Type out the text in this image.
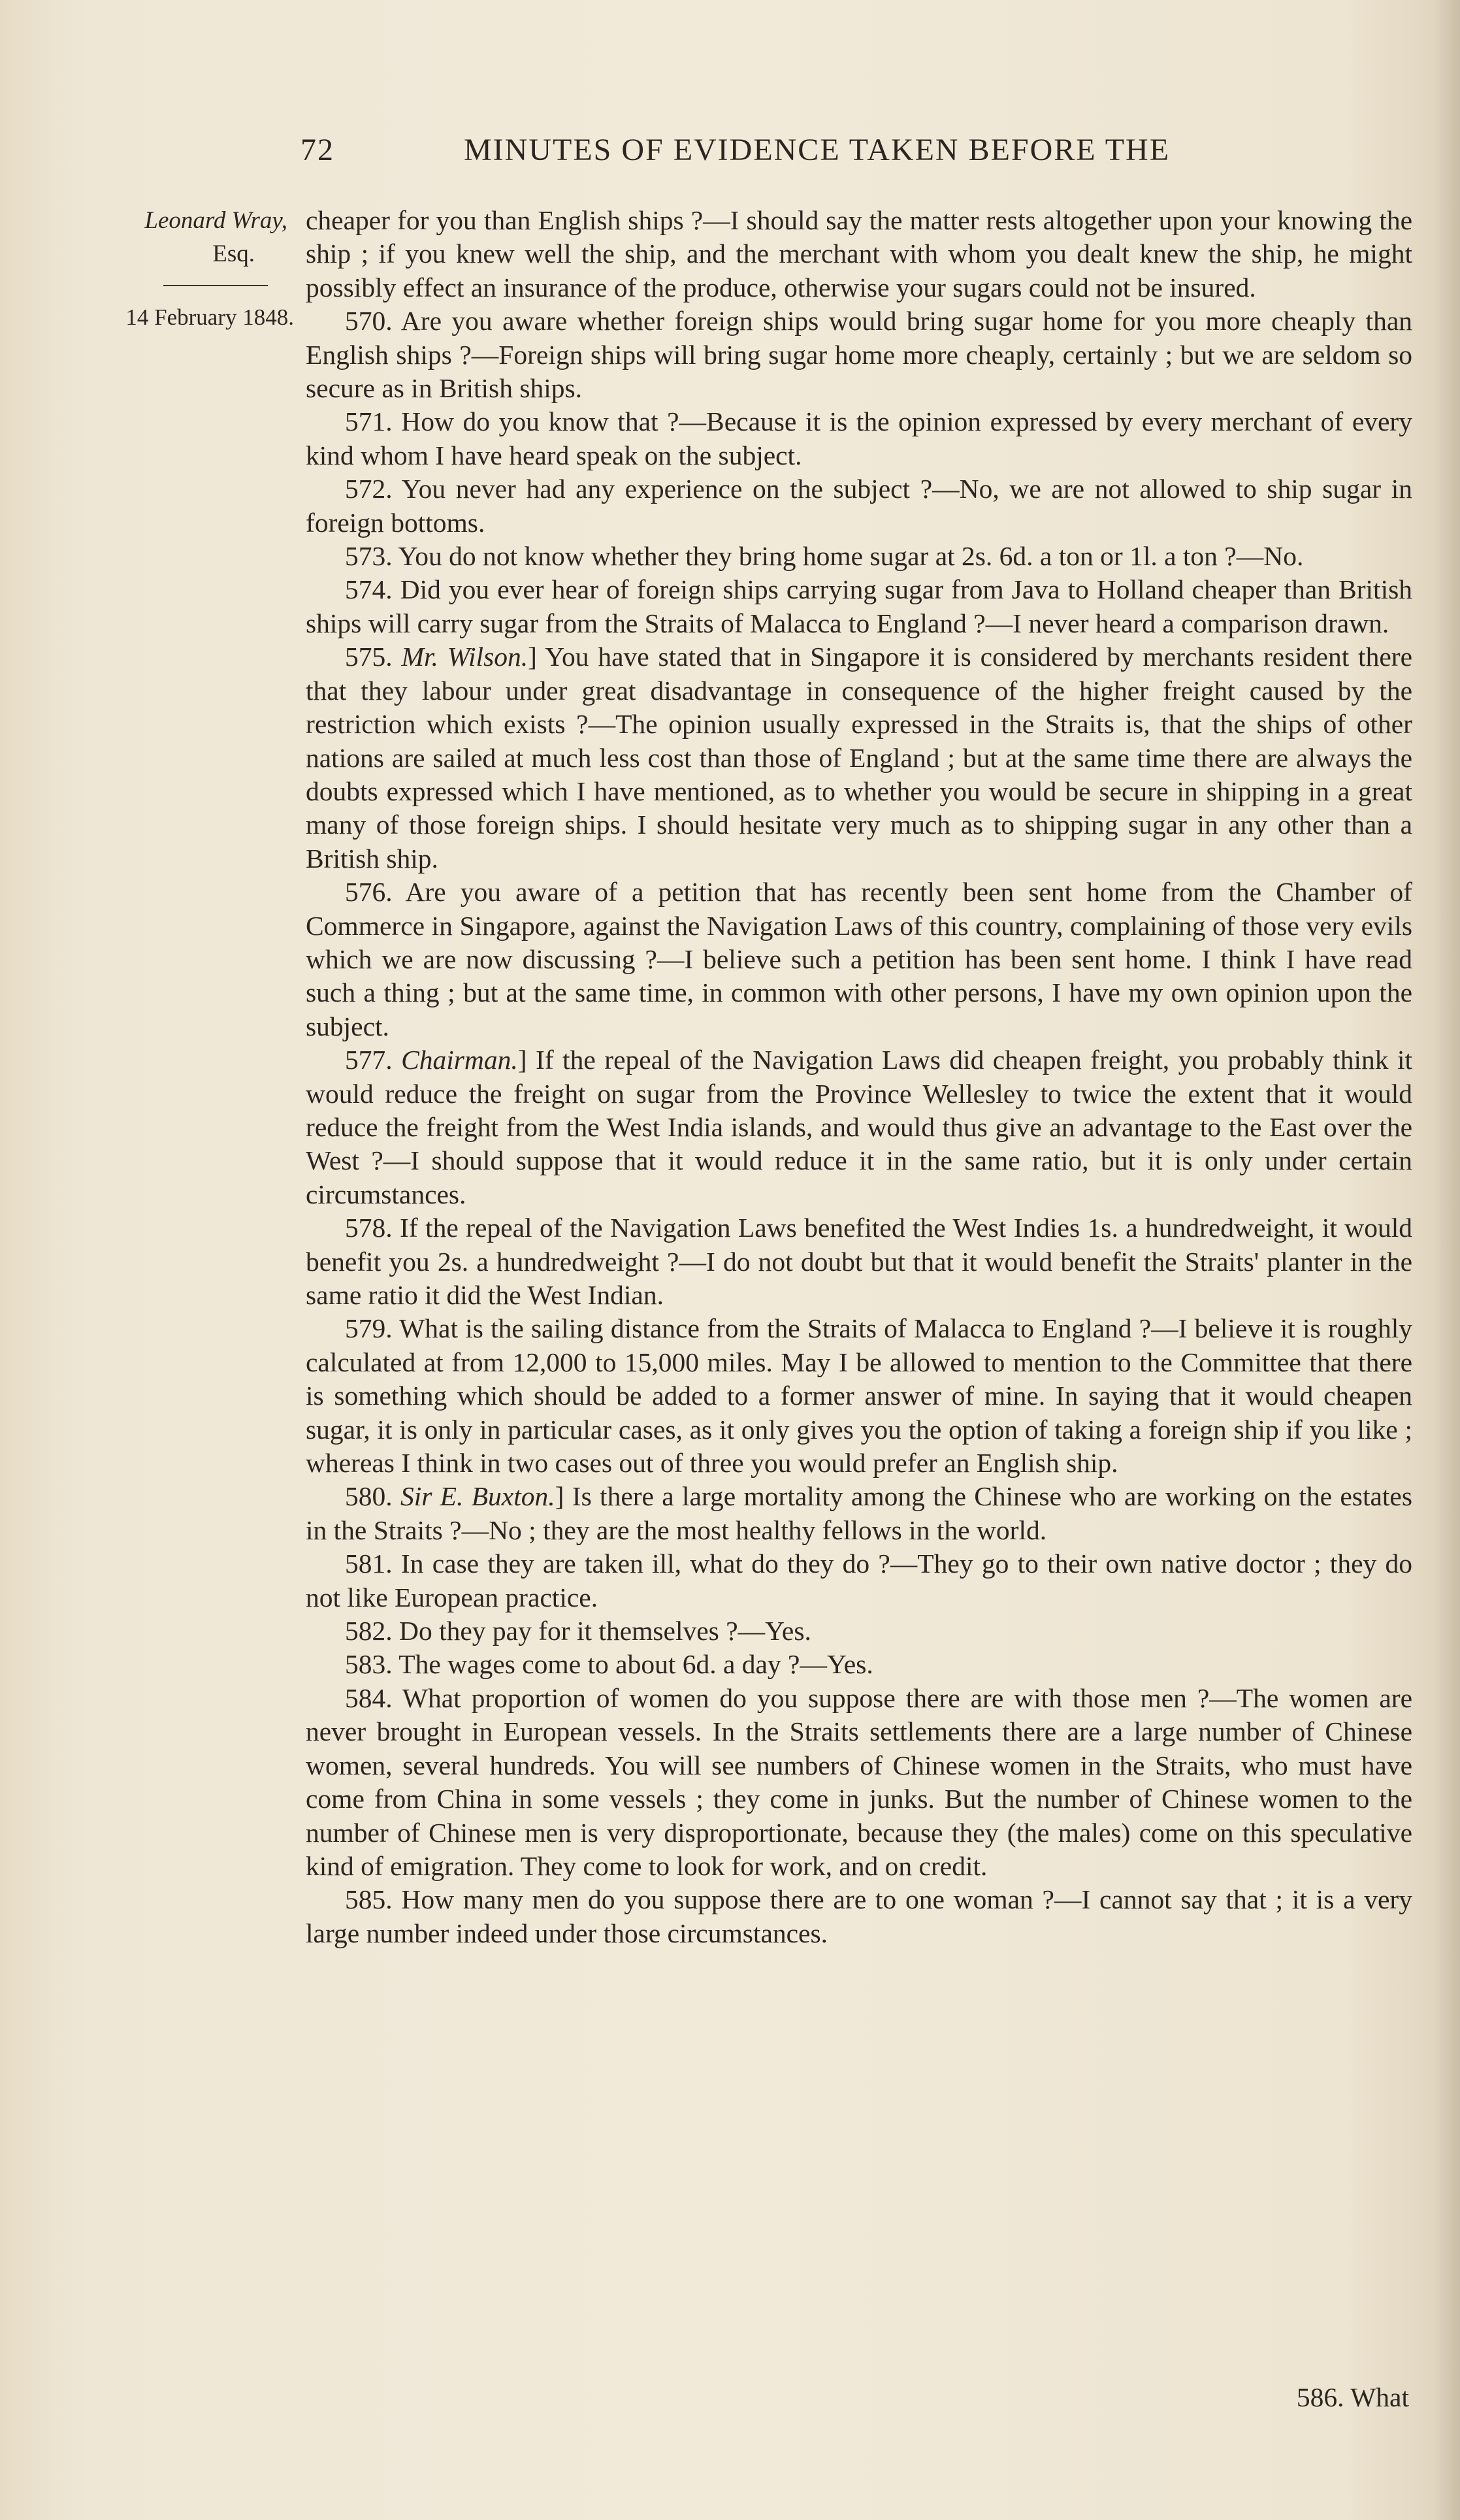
72	MINUTES OF EVIDENCE TAKEN BEFORE THE
Leonard Wray,
Esq.
14 February 1848.

cheaper for you than English ships ?—I should say the matter rests altogether upon your knowing the ship ; if you knew well the ship, and the merchant with whom you dealt knew the ship, he might possibly effect an insurance of the produce, otherwise your sugars could not be insured.

570. Are you aware whether foreign ships would bring sugar home for you more cheaply than English ships ?—Foreign ships will bring sugar home more cheaply, certainly ; but we are seldom so secure as in British ships.

571. How do you know that ?—Because it is the opinion expressed by every merchant of every kind whom I have heard speak on the subject.

572. You never had any experience on the subject ?—No, we are not allowed to ship sugar in foreign bottoms.

573. You do not know whether they bring home sugar at 2s. 6d. a ton or 1l. a ton ?—No.

574. Did you ever hear of foreign ships carrying sugar from Java to Holland cheaper than British ships will carry sugar from the Straits of Malacca to England ?—I never heard a comparison drawn.

575. Mr. Wilson.] You have stated that in Singapore it is considered by merchants resident there that they labour under great disadvantage in consequence of the higher freight caused by the restriction which exists ?—The opinion usually expressed in the Straits is, that the ships of other nations are sailed at much less cost than those of England ; but at the same time there are always the doubts expressed which I have mentioned, as to whether you would be secure in shipping in a great many of those foreign ships. I should hesitate very much as to shipping sugar in any other than a British ship.

576. Are you aware of a petition that has recently been sent home from the Chamber of Commerce in Singapore, against the Navigation Laws of this country, complaining of those very evils which we are now discussing ?—I believe such a petition has been sent home. I think I have read such a thing ; but at the same time, in common with other persons, I have my own opinion upon the subject.

577. Chairman.] If the repeal of the Navigation Laws did cheapen freight, you probably think it would reduce the freight on sugar from the Province Wellesley to twice the extent that it would reduce the freight from the West India islands, and would thus give an advantage to the East over the West ?—I should suppose that it would reduce it in the same ratio, but it is only under certain circumstances.

578. If the repeal of the Navigation Laws benefited the West Indies 1s. a hundredweight, it would benefit you 2s. a hundredweight ?—I do not doubt but that it would benefit the Straits' planter in the same ratio it did the West Indian.

579. What is the sailing distance from the Straits of Malacca to England ?—I believe it is roughly calculated at from 12,000 to 15,000 miles. May I be allowed to mention to the Committee that there is something which should be added to a former answer of mine. In saying that it would cheapen sugar, it is only in particular cases, as it only gives you the option of taking a foreign ship if you like ; whereas I think in two cases out of three you would prefer an English ship.

580. Sir E. Buxton.] Is there a large mortality among the Chinese who are working on the estates in the Straits ?—No ; they are the most healthy fellows in the world.

581. In case they are taken ill, what do they do ?—They go to their own native doctor ; they do not like European practice.

582. Do they pay for it themselves ?—Yes.

583. The wages come to about 6d. a day ?—Yes.

584. What proportion of women do you suppose there are with those men ?—The women are never brought in European vessels. In the Straits settlements there are a large number of Chinese women, several hundreds. You will see numbers of Chinese women in the Straits, who must have come from China in some vessels ; they come in junks. But the number of Chinese women to the number of Chinese men is very disproportionate, because they (the males) come on this speculative kind of emigration. They come to look for work, and on credit.

585. How many men do you suppose there are to one woman ?—I cannot say that ; it is a very large number indeed under those circumstances.

586. What
